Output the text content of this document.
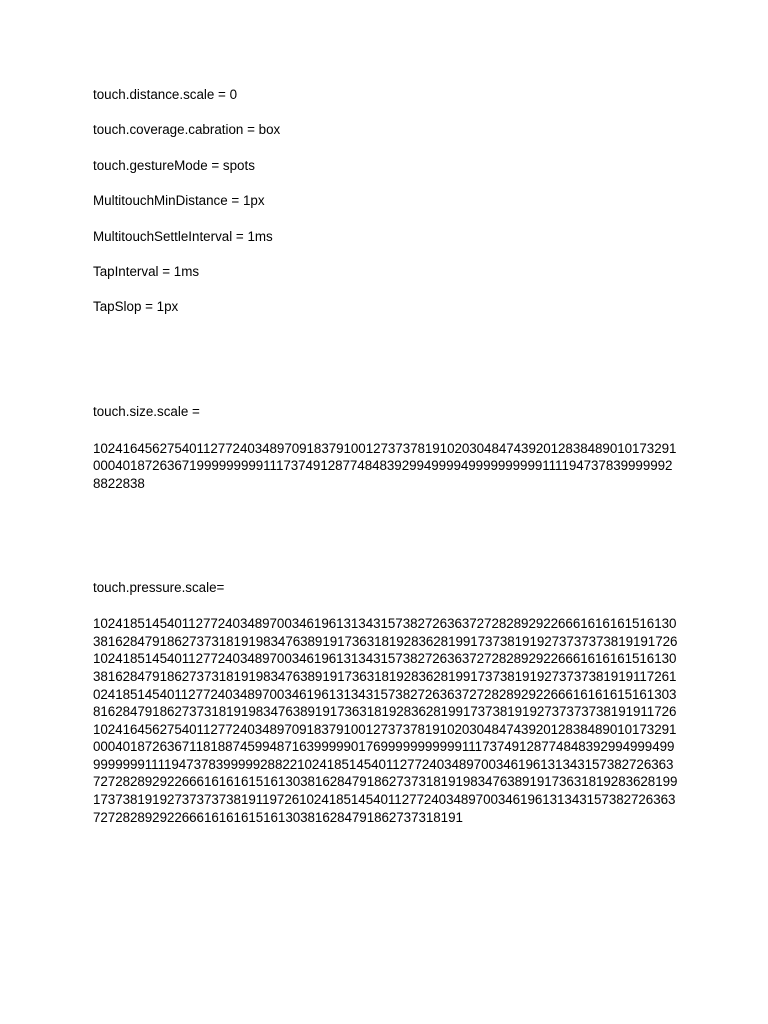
touch.distance.scale = 0

touch.coverage.cabration = box

touch.gestureMode = spots

MultitouchMinDistance = 1px

MultitouchSettleInterval = 1ms

TapInterval = 1ms

TapSlop = 1px

touch.size.scale =

102416456275401127724034897091837910012737378191020304847439201283848901017329100040187263671999999999111737491287748483929949999499999999991111947378399999928822838

touch.pressure.scale=

1024185145401127724034897003461961313431573827263637272828929226661616161516130381628479186273731819198347638919173631819283628199173738191927373737381919172610241851454011277240348970034619613134315738272636372728289292266616161615161303816284791862737318191983476389191736318192836281991737381919273737381919117261024185145401127724034897003461961313431573827263637272828929226661616161516130381628479186273731819198347638919173631819283628199173738191927373737381919117261024164562754011277240348970918379100127373781910203048474392012838489010173291000401872636711818874599487163999990176999999999991117374912877484839299499949999999991111947378399999288221024185145401127724034897003461961313431573827263637272828929226661616161516130381628479186273731819198347638919173631819283628199173738191927373737381911972610241851454011277240348970034619613134315738272636372728289292266616161615161303816284791862737318191
